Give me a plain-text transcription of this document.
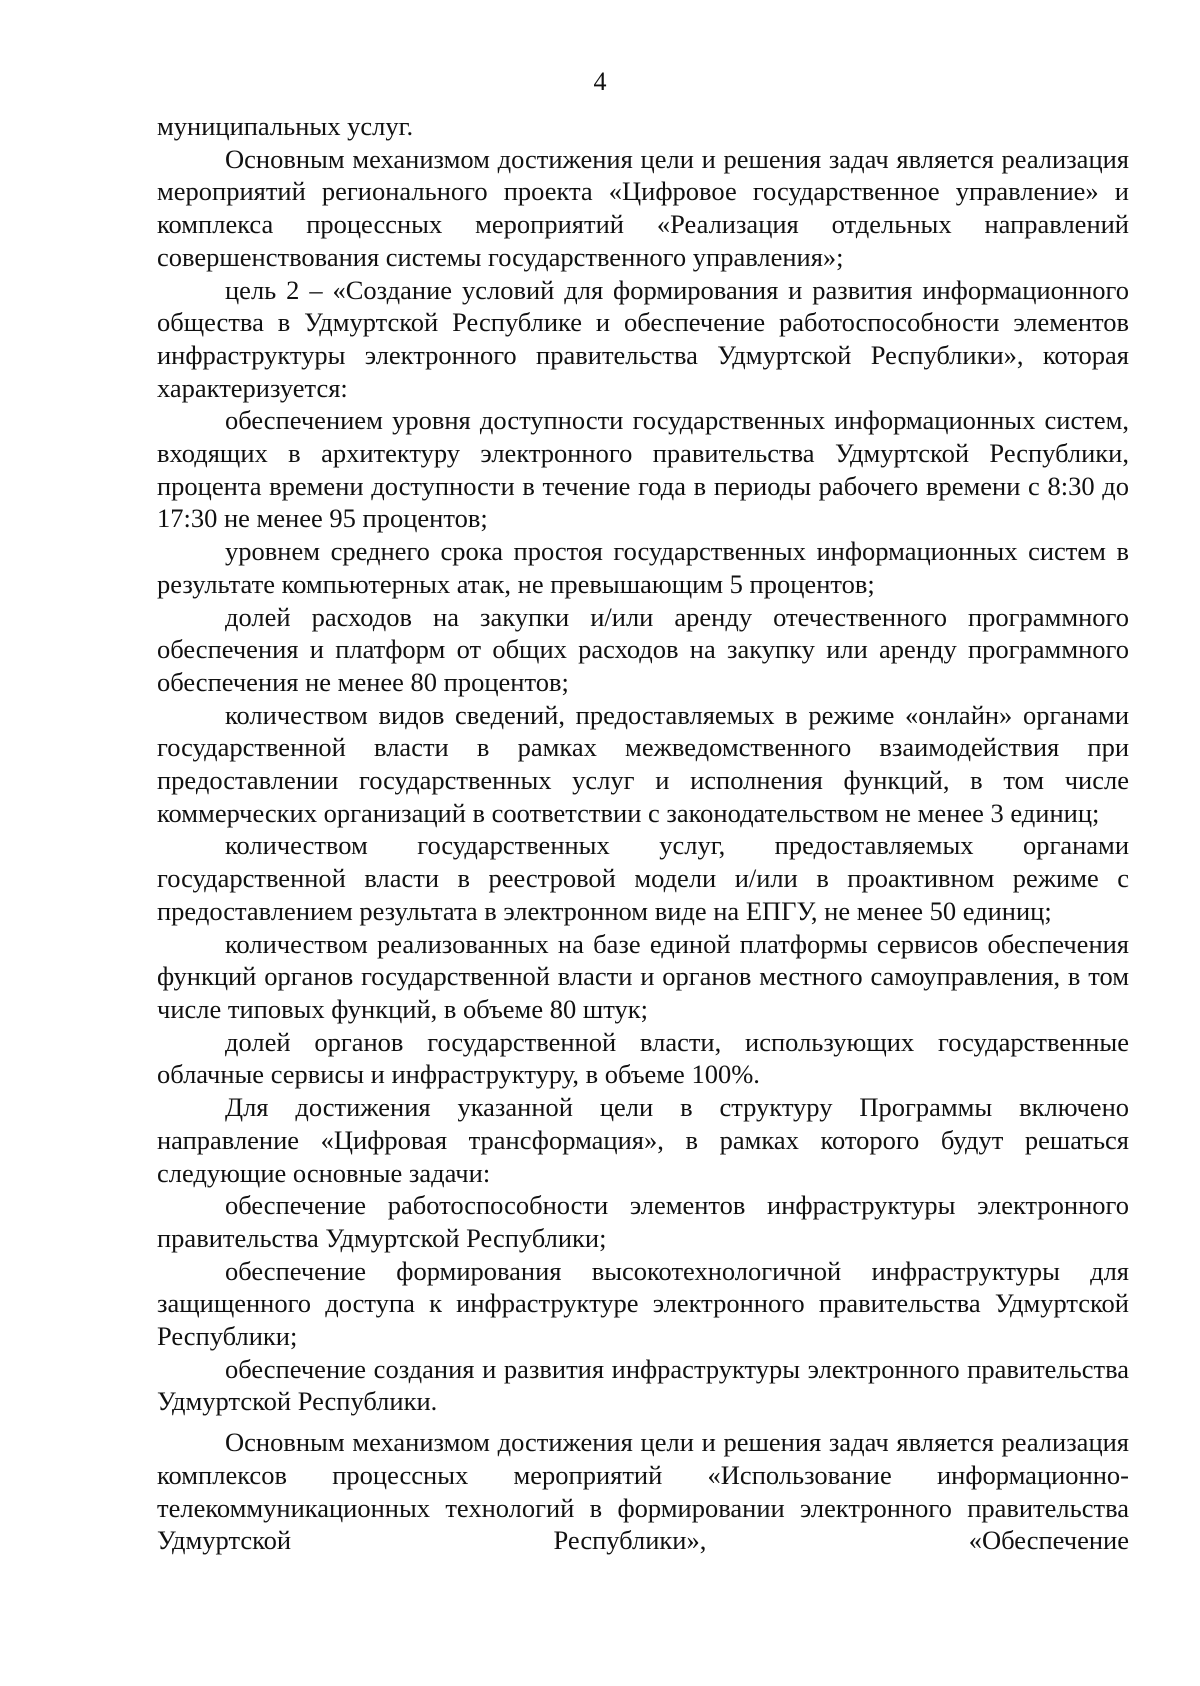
4

муниципальных услуг.

Основным механизмом достижения цели и решения задач является реализация мероприятий регионального проекта «Цифровое государственное управление» и комплекса процессных мероприятий «Реализация отдельных направлений совершенствования системы государственного управления»;

цель 2 – «Создание условий для формирования и развития информационного общества в Удмуртской Республике и обеспечение работоспособности элементов инфраструктуры электронного правительства Удмуртской Республики», которая характеризуется:

обеспечением уровня доступности государственных информационных систем, входящих в архитектуру электронного правительства Удмуртской Республики, процента времени доступности в течение года в периоды рабочего времени с 8:30 до 17:30 не менее 95 процентов;

уровнем среднего срока простоя государственных информационных систем в результате компьютерных атак, не превышающим 5 процентов;

долей расходов на закупки и/или аренду отечественного программного обеспечения и платформ от общих расходов на закупку или аренду программного обеспечения не менее 80 процентов;

количеством видов сведений, предоставляемых в режиме «онлайн» органами государственной власти в рамках межведомственного взаимодействия при предоставлении государственных услуг и исполнения функций, в том числе коммерческих организаций в соответствии с законодательством не менее 3 единиц;

количеством государственных услуг, предоставляемых органами государственной власти в реестровой модели и/или в проактивном режиме с предоставлением результата в электронном виде на ЕПГУ, не менее 50 единиц;

количеством реализованных на базе единой платформы сервисов обеспечения функций органов государственной власти и органов местного самоуправления, в том числе типовых функций, в объеме 80 штук;

долей органов государственной власти, использующих государственные облачные сервисы и инфраструктуру, в объеме 100%.

Для достижения указанной цели в структуру Программы включено направление «Цифровая трансформация», в рамках которого будут решаться следующие основные задачи:

обеспечение работоспособности элементов инфраструктуры электронного правительства Удмуртской Республики;

обеспечение формирования высокотехнологичной инфраструктуры для защищенного доступа к инфраструктуре электронного правительства Удмуртской Республики;

обеспечение создания и развития инфраструктуры электронного правительства Удмуртской Республики.

Основным механизмом достижения цели и решения задач является реализация комплексов процессных мероприятий «Использование информационно-телекоммуникационных технологий в формировании электронного правительства Удмуртской Республики», «Обеспечение
